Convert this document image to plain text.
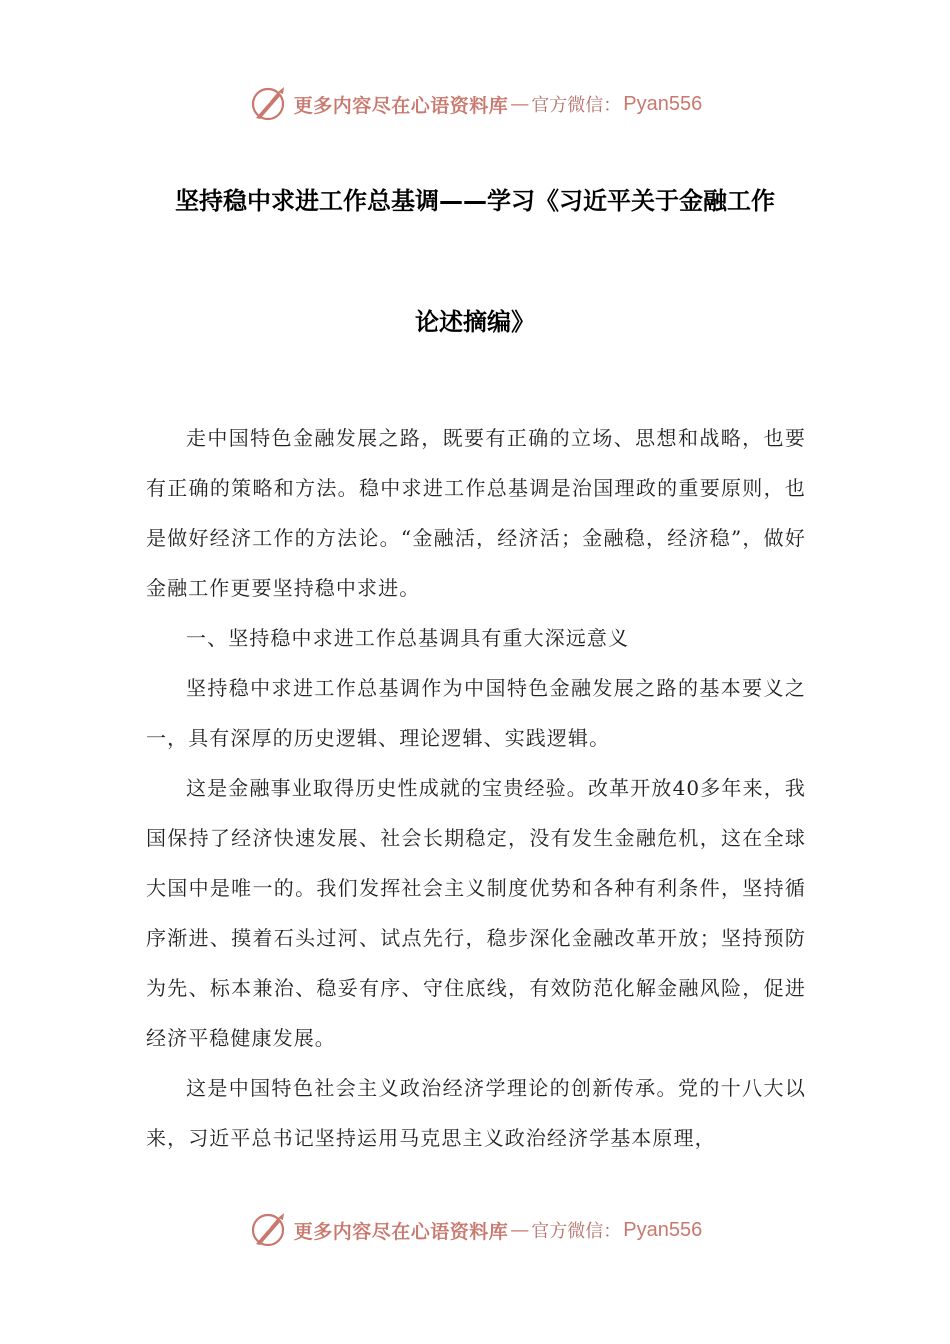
更多内容尽在心语资料库 — 官方微信： Pyan556
坚持稳中求进工作总基调——学习《习近平关于金融工作
论述摘编》

走中国特色金融发展之路，既要有正确的立场、思想和战略，也要有正确的策略和方法。稳中求进工作总基调是治国理政的重要原则，也是做好经济工作的方法论。“金融活，经济活；金融稳，经济稳”，做好金融工作更要坚持稳中求进。

一、坚持稳中求进工作总基调具有重大深远意义

坚持稳中求进工作总基调作为中国特色金融发展之路的基本要义之一，具有深厚的历史逻辑、理论逻辑、实践逻辑。

这是金融事业取得历史性成就的宝贵经验。改革开放40多年来，我国保持了经济快速发展、社会长期稳定，没有发生金融危机，这在全球大国中是唯一的。我们发挥社会主义制度优势和各种有利条件，坚持循序渐进、摸着石头过河、试点先行，稳步深化金融改革开放；坚持预防为先、标本兼治、稳妥有序、守住底线，有效防范化解金融风险，促进经济平稳健康发展。

这是中国特色社会主义政治经济学理论的创新传承。党的十八大以来，习近平总书记坚持运用马克思主义政治经济学基本原理，

更多内容尽在心语资料库 — 官方微信： Pyan556
